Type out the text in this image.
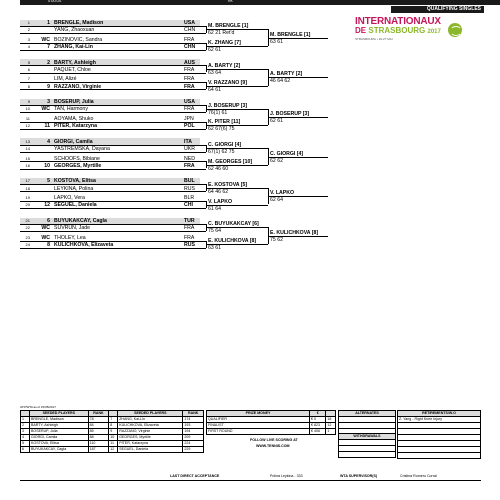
STATUS	RK
QUALIFYING SINGLES
INTERNATIONAUX
DE STRASBOURG 2017
STRASBOURG • 20-27 MAI
1	1 BRENGLE, Madison	USA
2	YANG, Zhaoxuan	CHN
3	WC BOZINOVIC, Sandra	FRA
4	7 ZHANG, Kai-Lin	CHN
5	2 BARTY, Ashleigh	AUS
6	PAQUET, Chloe	FRA
7	LIM, Alizé	FRA
8	9 RAZZANO, Virginie	FRA
9	3 BOSERUP, Julia	USA
10	WC TAN, Harmony	FRA
11	AOYAMA, Shuko	JPN
12	11 PITER, Katarzyna	POL
13	4 GIORGI, Camila	ITA
14	YASTREMSKA, Dayana	UKR
15	SCHOOFS, Bibiane	NED
16	10 GEORGES, Myrtille	FRA
17	5 KOSTOVA, Elitsa	BUL
18	LEYKINA, Polina	RUS
19	LAPKO, Vera	BLR
20	12 SEGUEL, Daniela	CHI
21	6 BUYUKAKCAY, Cagla	TUR
22	WC SUVRUN, Jade	FRA
23	WC THOLEY, Lea	FRA
24	8 KULICHKOVA, Elizaveta	RUS
M. BRENGLE [1]
62 21 Ret'd
K. ZHANG [7]
62 61
A. BARTY [2]
63 64
V. RAZZANO [9]
64 61
J. BOSERUP [3]
76(1) 61
K. PITER [11]
62 67(6) 75
C. GIORGI [4]
67(1) 62 75
M. GEORGES [10]
62 46 60
E. KOSTOVA [5]
64 46 62
V. LAPKO
61 64
C. BUYUKAKCAY [6]
75 64
E. KULICHKOVA [8]
63 61
M. BRENGLE [1]
63 61
A. BARTY [2]
46 64 62
J. BOSERUP [3]
62 61
C. GIORGI [4]
62 62
V. LAPKO
62 64
E. KULICHKOVA [8]
75 62
ATP/WTA as of 15/05/2017
	SEEDED PLAYERS	RANK		SEEDED PLAYERS	RANK
1	BRENGLE, Madison	78	7	ZHANG, Kai-Lin	174
2	BARTY, Ashleigh	84	8	KULICHKOVA, Elizaveta	193
3	BOSERUP, Julia	85	9	RAZZANO, Virginie	194
4	GIORGI, Camila	88	10	GEORGES, Myrtille	209
5	KOSTOVA, Elitsa	110	11	PITER, Katarzyna	224
6	BUYUKAKCAY, Cagla	187	12	SEGUEL, Daniela	229
PRIZE MONEY	€	
QUALIFIER	€ 0	18
FINALIST	€ 823	12
FIRST ROUND	€ 406	1
FOLLOW LIVE SCORING AT
WWW.TENNIS.COM
ALTERNATES

WITHDRAWALS

RETIREMENTS/W.O
Z. Yang - Right Knee Injury

LAST DIRECT ACCEPTANCE	Polina Leykina - 333	WTA SUPERVISOR(S)	Cristina Romero Corral
